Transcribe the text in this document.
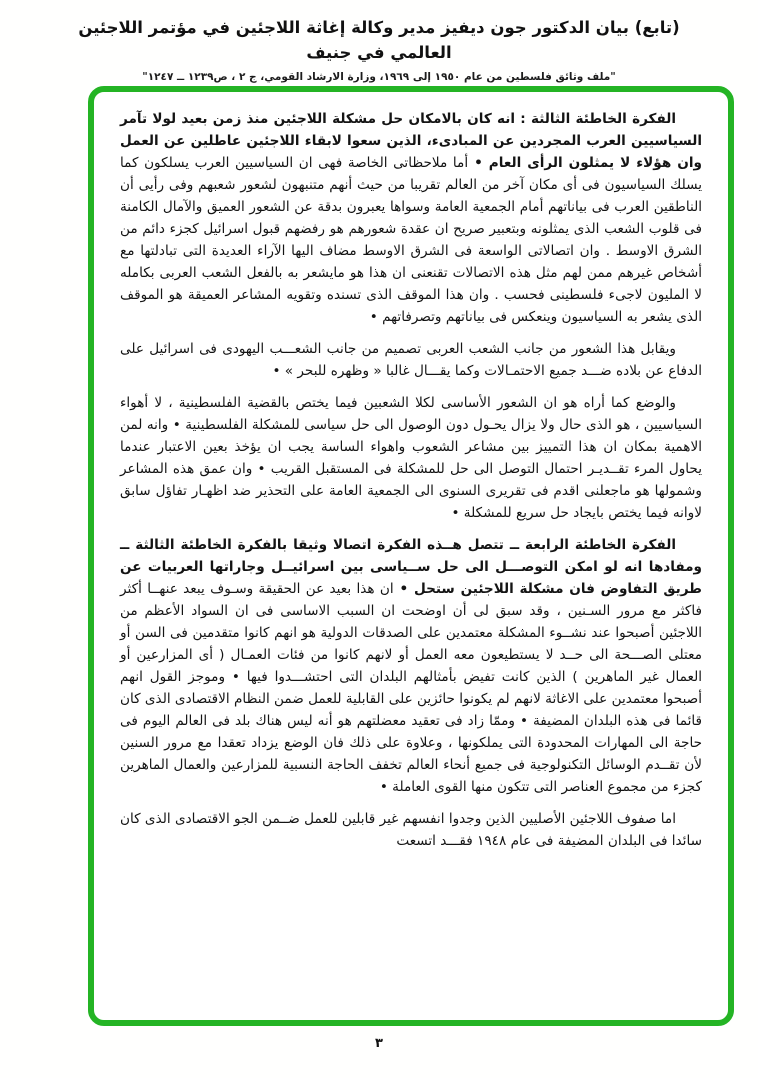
(تابع) بيان الدكتور جون ديفيز مدير وكالة إغاثة اللاجئين في مؤتمر اللاجئين العالمي في جنيف
"ملف وثائق فلسطين من عام ١٩٥٠ إلى ١٩٦٩، وزارة الارشاد القومي، ج ٢ ، ص١٢٣٩ ــ ١٢٤٧"

الفكرة الخاطئة الثالثة : انه كان بالامكان حل مشكلة اللاجئين منذ زمن بعيد لولا تآمر السياسيين العرب المجردين عن المبادىء، الذين سعوا لابقاء اللاجئين عاطلين عن العمل وان هؤلاء لا يمثلون الرأى العام • أما ملاحظاتى الخاصة فهى ان السياسيين العرب يسلكون كما يسلك السياسيون فى أى مكان آخر من العالم تقريبا من حيث أنهم متنبهون لشعور شعبهم وفى رأيى أن الناطقين العرب فى بياناتهم أمام الجمعية العامة وسواها يعبرون بدقة عن الشعور العميق والآمال الكامنة فى قلوب الشعب الذى يمثلونه وبتعبير صريح ان عقدة شعورهم هو رفضهم قبول اسرائيل كجزء دائم من الشرق الاوسط . وان اتصالاتى الواسعة فى الشرق الاوسط مضاف اليها الآراء العديدة التى تبادلتها مع أشخاص غيرهم ممن لهم مثل هذه الاتصالات تقنعنى ان هذا هو مايشعر به بالفعل الشعب العربى بكامله لا المليون لاجىء فلسطينى فحسب . وان هذا الموقف الذى تسنده وتقويه المشاعر العميقة هو الموقف الذى يشعر به السياسيون وينعكس فى بياناتهم وتصرفاتهم •

ويقابل هذا الشعور من جانب الشعب العربى تصميم من جانب الشعـــب اليهودى فى اسرائيل على الدفاع عن بلاده ضـــد جميع الاحتمـالات وكما يقـــال غالبا « وظهره للبحر » •

والوضع كما أراه هو ان الشعور الأساسى لكلا الشعبين فيما يختص بالقضية الفلسطينية ، لا أهواء السياسيين ، هو الذى حال ولا يزال يحـول دون الوصول الى حل سياسى للمشكلة الفلسطينية • وانه لمن الاهمية بمكان ان هذا التمييز بين مشاعر الشعوب واهواء الساسة يجب ان يؤخذ بعين الاعتبار عندما يحاول المرء تقــديـر احتمال التوصل الى حل للمشكلة فى المستقبل القريب • وان عمق هذه المشاعر وشمولها هو ماجعلنى اقدم فى تقريرى السنوى الى الجمعية العامة على التحذير ضد اظهـار تفاؤل سابق لاوانه فيما يختص بايجاد حل سريع للمشكلة •

الفكرة الخاطئة الرابعة ــ تتصل هــذه الفكرة اتصالا وثيقا بالفكرة الخاطئة الثالثة ــ ومفادها انه لو امكن التوصـــل الى حل ســياسى بين اسرائيــل وجاراتها العربيات عن طريق التفاوض فان مشكلة اللاجئين ستحل • ان هذا بعيد عن الحقيقة وسـوف يبعد عنهــا أكثر فاكثر مع مرور السـنين ، وقد سبق لى أن اوضحت ان السبب الاساسى فى ان السواد الأعظم من اللاجئين أصبحوا عند نشــوء المشكلة معتمدين على الصدقات الدولية هو انهم كانوا متقدمين فى السن أو معتلى الصـــحة الى حــد لا يستطيعون معه العمل أو لانهم كانوا من فئات العمـال ( أى المزارعين أو العمال غير الماهرين ) الذين كانت تفيض بأمثالهم البلدان التى احتشـــدوا فيها • وموجز القول انهم أصبحوا معتمدين على الاغاثة لانهم لم يكونوا حائزين على القابلية للعمل ضمن النظام الاقتصادى الذى كان قائما فى هذه البلدان المضيفة • وممّا زاد فى تعقيد معضلتهم هو أنه ليس هناك بلد فى العالم اليوم فى حاجة الى المهارات المحدودة التى يملكونها ، وعلاوة على ذلك فان الوضع يزداد تعقدا مع مرور السنين لأن تقــدم الوسائل التكنولوجية فى جميع أنحاء العالم تخفف الحاجة النسبية للمزارعين والعمال الماهرين كجزء من مجموع العناصر التى تتكون منها القوى العاملة •

اما صفوف اللاجئين الأصليين الذين وجدوا انفسهم غير قابلين للعمل ضــمن الجو الاقتصادى الذى كان سائدا فى البلدان المضيفة فى عام ١٩٤٨ فقـــد اتسعت

٣
